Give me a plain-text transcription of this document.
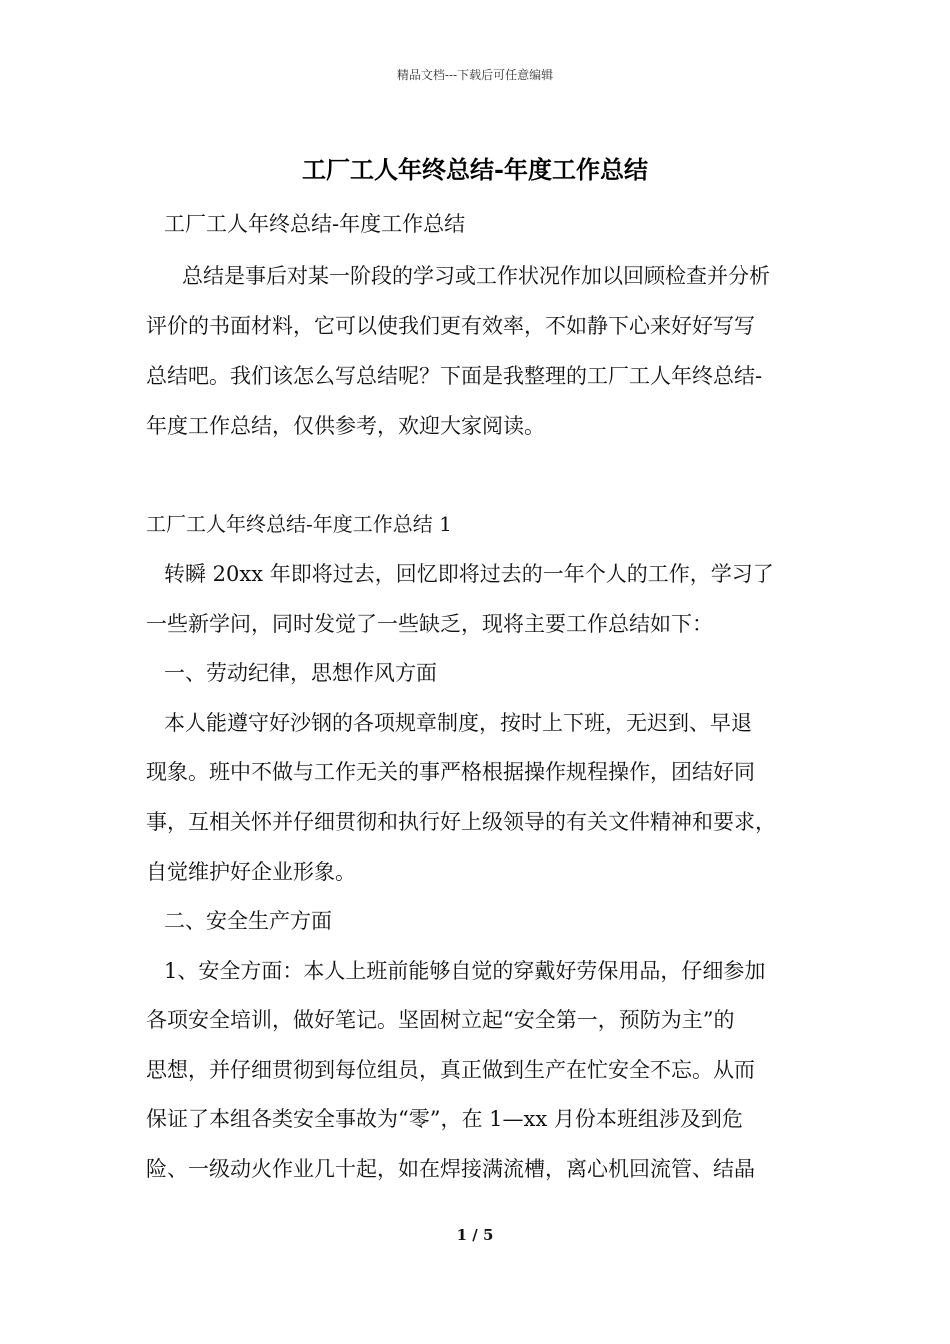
精品文档---下载后可任意编辑
工厂工人年终总结-年度工作总结
工厂工人年终总结-年度工作总结
总结是事后对某一阶段的学习或工作状况作加以回顾检查并分析
评价的书面材料，它可以使我们更有效率，不如静下心来好好写写
总结吧。我们该怎么写总结呢？下面是我整理的工厂工人年终总结-
年度工作总结，仅供参考，欢迎大家阅读。
工厂工人年终总结-年度工作总结 1
转瞬 20xx 年即将过去，回忆即将过去的一年个人的工作，学习了
一些新学问，同时发觉了一些缺乏，现将主要工作总结如下：
一、劳动纪律，思想作风方面
本人能遵守好沙钢的各项规章制度，按时上下班，无迟到、早退
现象。班中不做与工作无关的事严格根据操作规程操作，团结好同
事，互相关怀并仔细贯彻和执行好上级领导的有关文件精神和要求，
自觉维护好企业形象。
二、安全生产方面
1、安全方面：本人上班前能够自觉的穿戴好劳保用品，仔细参加
各项安全培训，做好笔记。坚固树立起“安全第一，预防为主”的
思想，并仔细贯彻到每位组员，真正做到生产在忙安全不忘。从而
保证了本组各类安全事故为“零”，在 1—xx 月份本班组涉及到危
险、一级动火作业几十起，如在焊接满流槽，离心机回流管、结晶
1 / 5
